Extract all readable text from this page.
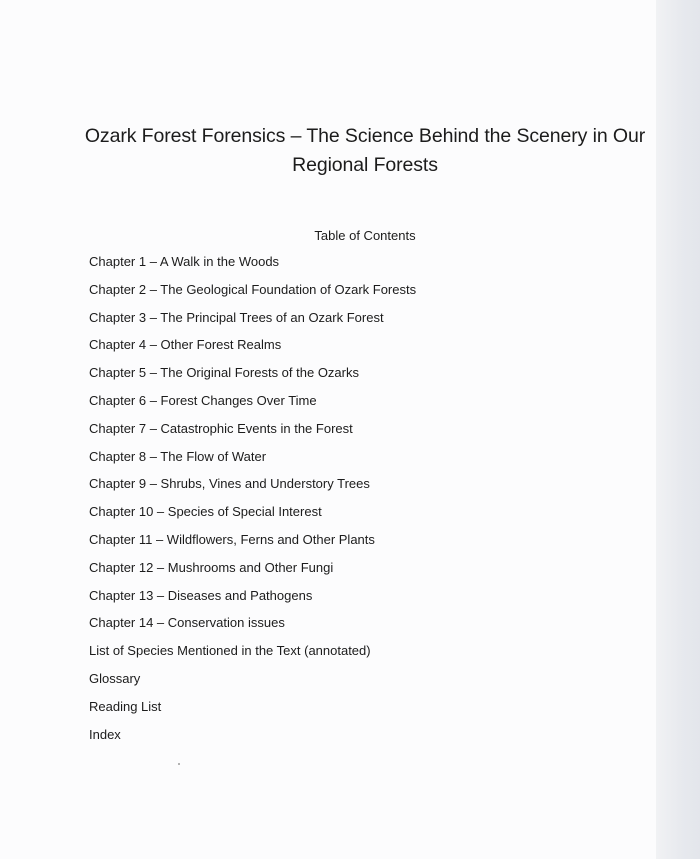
Ozark Forest Forensics – The Science Behind the Scenery in Our Regional Forests
Table of Contents
Chapter 1 – A Walk in the Woods
Chapter 2 – The Geological Foundation of Ozark Forests
Chapter 3 – The Principal Trees of an Ozark Forest
Chapter 4 – Other Forest Realms
Chapter 5 – The Original Forests of the Ozarks
Chapter 6 – Forest Changes Over Time
Chapter 7 – Catastrophic Events in the Forest
Chapter 8 – The Flow of Water
Chapter 9 – Shrubs, Vines and Understory Trees
Chapter 10 – Species of Special Interest
Chapter 11 – Wildflowers, Ferns and Other Plants
Chapter 12 – Mushrooms and Other Fungi
Chapter 13 – Diseases and Pathogens
Chapter 14 – Conservation issues
List of Species Mentioned in the Text (annotated)
Glossary
Reading List
Index
